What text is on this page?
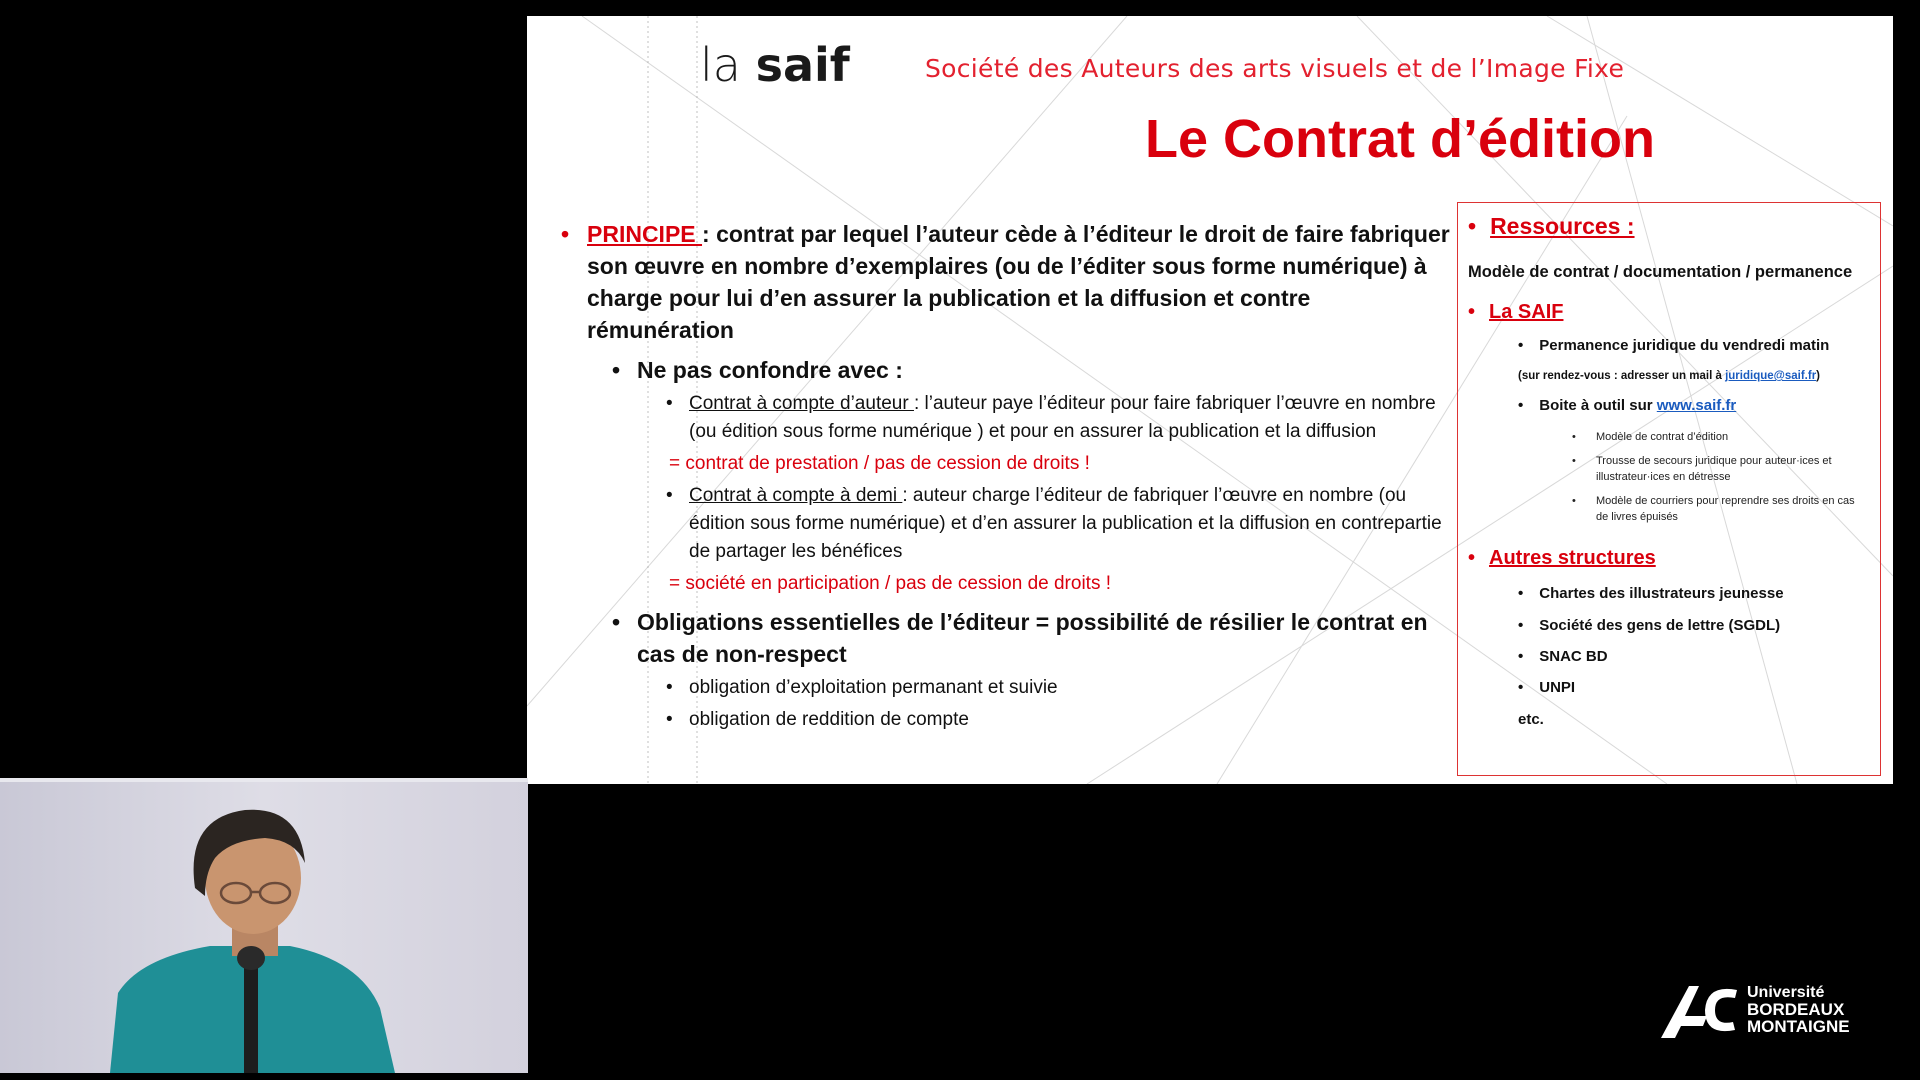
la saif	Société des Auteurs des arts visuels et de l’Image Fixe
Le Contrat d’édition
• PRINCIPE : contrat par lequel l’auteur cède à l’éditeur le droit de faire fabriquer son œuvre en nombre d’exemplaires (ou de l’éditer sous forme numérique) à charge pour lui d’en assurer la publication et la diffusion et contre rémunération
• Ne pas confondre avec :
• Contrat à compte d’auteur : l’auteur paye l’éditeur pour faire fabriquer l’œuvre en nombre (ou édition sous forme numérique ) et pour en assurer la publication et la diffusion
= contrat de prestation / pas de cession de droits !
• Contrat à compte à demi : auteur charge l’éditeur de fabriquer l’œuvre en nombre (ou édition sous forme numérique) et d’en assurer la publication et la diffusion en contrepartie de partager les bénéfices
= société en participation / pas de cession de droits !
• Obligations essentielles de l’éditeur = possibilité de résilier le contrat en cas de non-respect
• obligation d’exploitation permanant et suivie
• obligation de reddition de compte
• Ressources :
Modèle de contrat / documentation / permanence
• La SAIF
• Permanence juridique du vendredi matin
(sur rendez-vous : adresser un mail à juridique@saif.fr)
• Boite à outil sur www.saif.fr
• Modèle de contrat d’édition
• Trousse de secours juridique pour auteur·ices et illustrateur·ices en détresse
• Modèle de courriers pour reprendre ses droits en cas de livres épuisés
• Autres structures
• Chartes des illustrateurs jeunesse
• Société des gens de lettre (SGDL)
• SNAC BD
• UNPI
etc.
Université
BORDEAUX
MONTAIGNE
